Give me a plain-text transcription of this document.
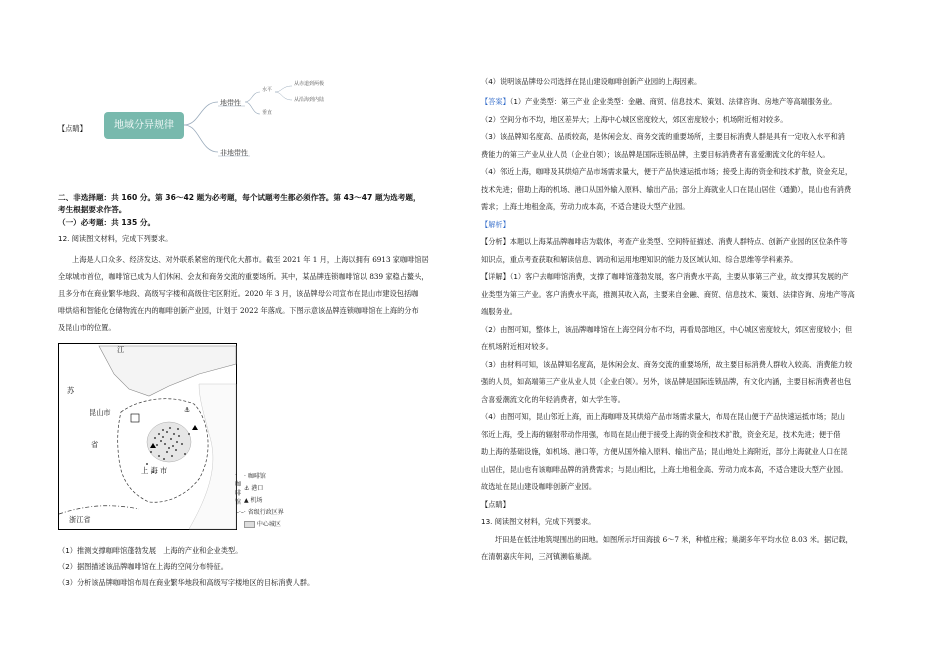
地域分异规律
地带性
非地带性
水平
垂直
从赤道到两极
从沿海到内陆
【点睛】
二、非选择题：共 160 分。第 36～42 题为必考题，每个试题考生都必须作答。第 43～47 题为选考题，
考生根据要求作答。
（一）必考题：共 135 分。
12. 阅读图文材料，完成下列要求。
上海是人口众多、经济发达、对外联系紧密的现代化大都市。截至 2021 年 1 月，上海以拥有 6913 家咖啡馆居
全球城市首位，咖啡馆已成为人们休闲、会友和商务交流的重要场所。其中，某品牌连锁咖啡馆以 839 家稳占鳌头，
且多分布在商业繁华地段、高级写字楼和高级住宅区附近。2020 年 3 月，该品牌母公司宣布在昆山市建设包括咖
啡烘焙和智能化仓储物流在内的咖啡创新产业园，计划于 2022 年落成。下图示意该品牌连锁咖啡馆在上海的分布
及昆山市的位置。
⚓
江
苏
省
昆山市
上 海 市
浙江省
· 咖啡馆
· 咖啡馆
⚓ 港口
▲ 机场
–·–· 省级行政区界
中心城区
（1）推测支撑咖啡馆蓬勃发展　上海的产业和企业类型。
（2）据图描述该品牌咖啡馆在上海的空间分布特征。
（3）分析该品牌咖啡馆布局在商业繁华地段和高级写字楼地区的目标消费人群。
（4）说明该品牌母公司选择在昆山建设咖啡创新产业园的上海因素。
【答案】（1）产业类型：第三产业 企业类型：金融、商贸、信息技术、策划、法律咨询、房地产等高端服务业。
（2）空间分布不均，地区差异大；上海中心城区密度较大，郊区密度较小；机场附近相对较多。
（3）该品牌知名度高、品质较高，是休闲会友、商务交流的重要场所，主要目标消费人群是具有一定收入水平和消
费能力的第三产业从业人员（企业白领）；该品牌是国际连锁品牌，主要目标消费者有喜爱潮流文化的年轻人。
（4）邻近上海，咖啡及其烘焙产品市场需求量大，便于产品快速运抵市场；接受上海的资金和技术扩散，资金充足，
技术先进；借助上海的机场、港口从国外输入原料、输出产品；部分上海就业人口在昆山居住（通勤），昆山也有消费
需求；上海土地租金高，劳动力成本高，不适合建设大型产业园。
【解析】
【分析】本题以上海某品牌咖啡店为载体，考查产业类型、空间特征描述、消费人群特点、创新产业园的区位条件等
知识点，重点考查获取和解读信息、调动和运用地理知识的能力及区域认知、综合思维等学科素养。
【详解】（1）客户去咖啡馆消费，支撑了咖啡馆蓬勃发展，客户消费水平高，主要从事第三产业，故支撑其发展的产
业类型为第三产业。客户消费水平高，推测其收入高，主要来自金融、商贸、信息技术、策划、法律咨询、房地产等高
端服务业。
（2）由图可知，整体上，该品牌咖啡馆在上海空间分布不均，再看局部地区，中心城区密度较大，郊区密度较小；但
在机场附近相对较多。
（3）由材料可知，该品牌知名度高，是休闲会友、商务交流的重要场所，故主要目标消费人群收入较高、消费能力较
强的人员，如高端第三产业从业人员（企业白领）。另外，该品牌是国际连锁品牌，有文化内涵，主要目标消费者也包
含喜爱潮流文化的年轻消费者，如大学生等。
（4）由图可知，昆山邻近上海，而上海咖啡及其烘焙产品市场需求量大，布局在昆山便于产品快速运抵市场；昆山
邻近上海，受上海的辐射带动作用强，布局在昆山便于接受上海的资金和技术扩散，资金充足，技术先进；便于借
助上海的基础设施，如机场、港口等，方便从国外输入原料、输出产品；昆山地处上海附近，部分上海就业人口在昆
山居住，昆山也有该咖啡品牌的消费需求；与昆山相比，上海土地租金高、劳动力成本高，不适合建设大型产业园。
故选址在昆山建设咖啡创新产业园。
【点睛】
13. 阅读图文材料，完成下列要求。
圩田是在低洼地筑堤围出的田地。如图所示圩田海拔 6～7 米，种植庄稼；巢湖多年平均水位 8.03 米。据记载，
在清朝嘉庆年间，三河镇濒临巢湖。
